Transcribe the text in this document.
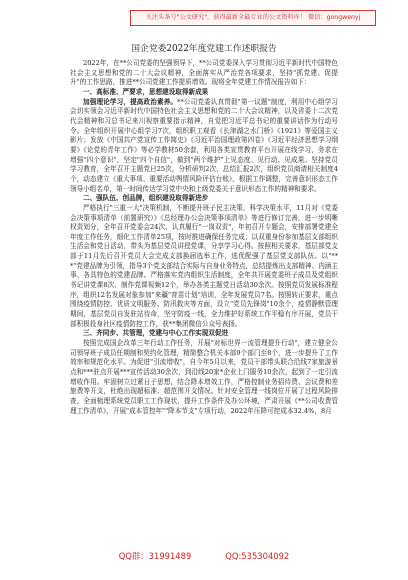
关注头条号"公文研究"，获得最新全最专业的公文资料库！ 微信：gongwenyj
国企党委2022年度党建工作述职报告

2022年，在**公司党委的坚强领导下，**公司党委深入学习贯彻习近平新时代中国特色社会主义思想和党的二十大会议精神，全面落实从严治党各项要求，坚持"抓党建、促提升"的工作思路，推进**公司党建工作提质增效。现将全年党建工作情况报告如下：

一、高标准、严要求，思想建设取得新成果

加强理论学习，提高政治素养。**公司党委认真贯彻"第一议题"制度，利用中心组学习会切实领会习近平新时代中国特色社会主义思想和党的二十大会议精神，以及省委十二次党代会精神和习总书记来川视察重要指示精神，自觉把习近平总书记的重要讲话作为行动号令。全年组织开展中心组学习7次，组织职工观看《长津湖之水门桥》《1921》等爱国主义影片；发放《中国共产党宣传工作简史》《习近平治国理政第四卷》《习近平经济思想学习纲要》《论党的青年工作》等必学教材50余套，利用各类宣贯教育平台开展在线学习，务求在增强"四个意识"，坚定"四个自信"，做到"两个维护"上见态度、见行动、见成果。坚持党员学习教育，全年召开主题党日25次，分析研判2次、总结汇报2次，组织党员商请相关制度4个，动态建立《重大事项、重要活动舆情风险评估台账》，根据工作调整，完善意识形态工作领导小组名单，第一时间传达学习党中央和上级党委关于意识形态工作的精神和要求。

二、强队伍、创品牌，组织建设取得新进步

严格执行"三重一大"决策机制，不断提升班子民主决策、科学决策水平，11月对《党委会决策事项清单（前置研究）》《总经理办公会决策事项清单》等进行修订完善，进一步明晰权责划分，全年召开党委会24次、认真履行"一岗双责"，年初召开专题会，安排部署党建全年度工作任务，细化工作清单25项，按时推进确保任务完成；以双重身份参加基层支部组织生活会和党日活动，带头为基层党员讲授党课，分享学习心得。按照相关要求，基层部党支部于11月先后召开党员大会完成支部换届选举工作，选优配强了基层党支部队伍。以"***"党建品牌为引领，指导3个党支部结合实际与自身业务特点，总结提炼出支部精神、内涵主事、各具特色的党建品牌。严格落实党内组织生活制度，全年共开展党委班子成员及党组织书记讲党课8次、制作党课视频12个，举办各类主题党日活动30余次。按照党员发展标准程序，组织12名发展对象参加"来疆"育苗计划"培训，全年发展党员7名。按照转正要求，重点围绕疫情防控、优质文明服务、防汛救灾等方面，设立"党员先锋岗"10余个，疫情静默管理期间，基层党员自发驻站待命，坚守防疫一线，全力维护好系统工作平稳有序开展，党员干部积极投身社区疫情防控工作，获**集团微信公众号表扬。

三、齐同步、共管理，党建与中心工作实现双促进

按照完成国企改革三年行动工作任务，开展"对标世界一流管理提升行动"，建立健全公司领导班子成员任期制和契约化管理，精简整合机关本部9个部门至8个，进一步提升了工作效率和规范化水平。为促进"引流增收"，自今年5月以来，党员干部带头联合沿线7家旅游景点和***驻点开展***宣传活动30余次，到沿线20家*企业上门服务10余次，起到了一定引流增收作用。牢固树立过紧日子思想，结合降本增效工作，严格控制业务招待费、会议费和差旅费等开支，杜绝出现超标准、超范围开支情况。针对安全管理一线岗位开展了过程风险排查，全面梳理系统党员职工工作现状，提升工作条件及办公环境，严肃开展《**公司收费管理工作清单》，开展"成本管控年""降本节支"专项行动，2022年压降可控成本32.4%，8月

QQ群：31991489	QQ:535304092
